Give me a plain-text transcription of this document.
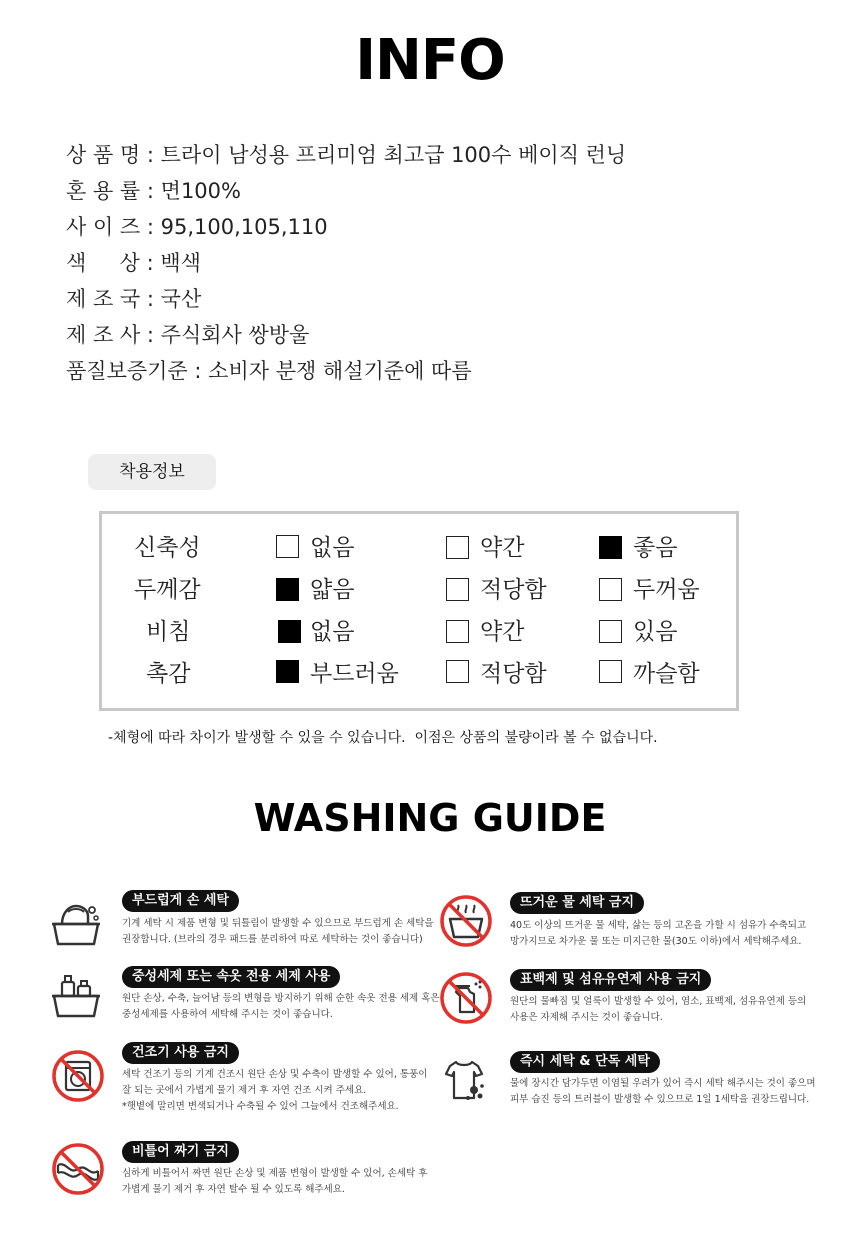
INFO
상 품 명 : 트라이 남성용 프리미엄 최고급 100수 베이직 런닝
혼 용 률 : 면100%
사 이 즈 : 95,100,105,110
색     상 : 백색
제 조 국 : 국산
제 조 사 : 주식회사 쌍방울
품질보증기준 : 소비자 분쟁 해설기준에 따름
착용정보
신축성	없음	약간	좋음
두께감	얇음	적당함	두꺼움
비침	없음	약간	있음
촉감	부드러움	적당함	까슬함
-체형에 따라 차이가 발생할 수 있을 수 있습니다.  이점은 상품의 불량이라 볼 수 없습니다.
WASHING GUIDE
부드럽게 손 세탁
기계 세탁 시 제품 변형 및 뒤틀림이 발생할 수 있으므로 부드럽게 손 세탁을
권장합니다. (브라의 경우 패드를 분리하여 따로 세탁하는 것이 좋습니다)
뜨거운 물 세탁 금지
40도 이상의 뜨거운 물 세탁, 삶는 등의 고온을 가할 시 섬유가 수축되고
망가지므로 차가운 물 또는 미지근한 물(30도 이하)에서 세탁해주세요.
중성세제 또는 속옷 전용 세제 사용
원단 손상, 수축, 늘어남 등의 변형을 방지하기 위해 순한 속옷 전용 세제 혹은
중성세제를 사용하여 세탁해 주시는 것이 좋습니다.
표백제 및 섬유유연제 사용 금지
원단의 물빠짐 및 얼룩이 발생할 수 있어, 염소, 표백제, 섬유유연제 등의
사용은 자제해 주시는 것이 좋습니다.
건조기 사용 금지
세탁 건조기 등의 기계 건조시 원단 손상 및 수축이 발생할 수 있어, 통풍이
잘 되는 곳에서 가볍게 물기 제거 후 자연 건조 시켜 주세요.
*햇볕에 말리면 변색되거나 수축될 수 있어 그늘에서 건조해주세요.
즉시 세탁 & 단독 세탁
물에 장시간 담가두면 이염될 우려가 있어 즉시 세탁 해주시는 것이 좋으며
피부 습진 등의 트러블이 발생할 수 있으므로 1일 1세탁을 권장드립니다.
비틀어 짜기 금지
심하게 비틀어서 짜면 원단 손상 및 제품 변형이 발생할 수 있어, 손세탁 후
가볍게 물기 제거 후 자연 탈수 될 수 있도록 해주세요.
